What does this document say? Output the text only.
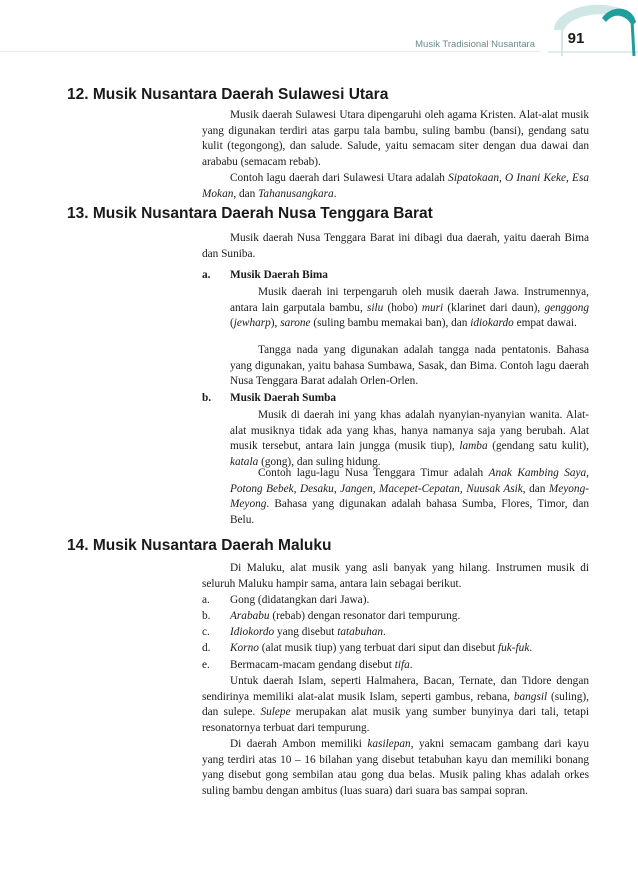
Musik Tradisional Nusantara	91
12. Musik Nusantara Daerah Sulawesi Utara

Musik daerah Sulawesi Utara dipengaruhi oleh agama Kristen. Alat-alat musik yang digunakan terdiri atas garpu tala bambu, suling bambu (bansi), gendang satu kulit (tegongong), dan salude. Salude, yaitu semacam siter dengan dua dawai dan arababu (semacam rebab).

Contoh lagu daerah dari Sulawesi Utara adalah Sipatokaan, O Inani Keke, Esa Mokan, dan Tahanusangkara.

13. Musik Nusantara Daerah Nusa Tenggara Barat

Musik daerah Nusa Tenggara Barat ini dibagi dua daerah, yaitu daerah Bima dan Suniba.

a. Musik Daerah Bima

Musik daerah ini terpengaruh oleh musik daerah Jawa. Instrumennya, antara lain garputala bambu, silu (hobo) muri (klarinet dari daun), genggong (jewharp), sarone (suling bambu memakai ban), dan idiokardo empat dawai.

Tangga nada yang digunakan adalah tangga nada pentatonis. Bahasa yang digunakan, yaitu bahasa Sumbawa, Sasak, dan Bima. Contoh lagu daerah Nusa Tenggara Barat adalah Orlen-Orlen.

b. Musik Daerah Sumba

Musik di daerah ini yang khas adalah nyanyian-nyanyian wanita. Alat-alat musiknya tidak ada yang khas, hanya namanya saja yang berubah. Alat musik tersebut, antara lain jungga (musik tiup), lamba (gendang satu kulit), katala (gong), dan suling hidung.

Contoh lagu-lagu Nusa Tenggara Timur adalah Anak Kambing Saya, Potong Bebek, Desaku, Jangen, Macepet-Cepatan, Nuusak Asik, dan Meyong-Meyong. Bahasa yang digunakan adalah bahasa Sumba, Flores, Timor, dan Belu.

14. Musik Nusantara Daerah Maluku

Di Maluku, alat musik yang asli banyak yang hilang. Instrumen musik di seluruh Maluku hampir sama, antara lain sebagai berikut.

a. Gong (didatangkan dari Jawa).
b. Arababu (rebab) dengan resonator dari tempurung.
c. Idiokordo yang disebut tatabuhan.
d. Korno (alat musik tiup) yang terbuat dari siput dan disebut fuk-fuk.
e. Bermacam-macam gendang disebut tifa.

Untuk daerah Islam, seperti Halmahera, Bacan, Ternate, dan Tidore dengan sendirinya memiliki alat-alat musik Islam, seperti gambus, rebana, bangsil (suling), dan sulepe. Sulepe merupakan alat musik yang sumber bunyinya dari tali, tetapi resonatornya terbuat dari tempurung.

Di daerah Ambon memiliki kasilepan, yakni semacam gambang dari kayu yang terdiri atas 10 – 16 bilahan yang disebut tetabuhan kayu dan memiliki bonang yang disebut gong sembilan atau gong dua belas. Musik paling khas adalah orkes suling bambu dengan ambitus (luas suara) dari suara bas sampai sopran.
